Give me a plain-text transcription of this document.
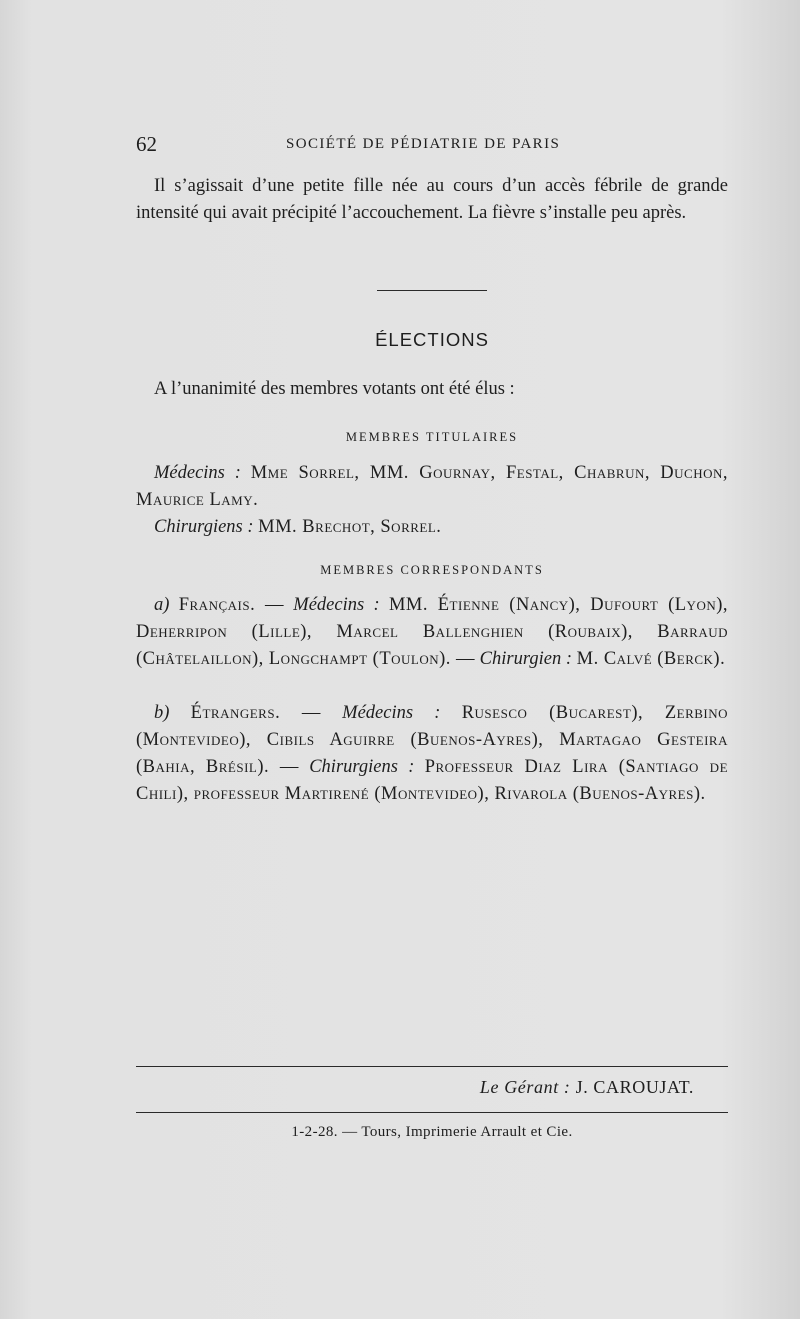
62	SOCIÉTÉ DE PÉDIATRIE DE PARIS

Il s’agissait d’une petite fille née au cours d’un accès fébrile de grande intensité qui avait précipité l’accouchement. La fièvre s’installe peu après.

ÉLECTIONS

A l’unanimité des membres votants ont été élus :

MEMBRES TITULAIRES

Médecins : Mme Sorrel, MM. Gournay, Festal, Chabrun, Duchon, Maurice Lamy.

Chirurgiens : MM. Brechot, Sorrel.

MEMBRES CORRESPONDANTS

a) Français. — Médecins : MM. Étienne (Nancy), Dufourt (Lyon), Deherripon (Lille), Marcel Ballenghien (Roubaix), Barraud (Châtelaillon), Longchampt (Toulon). — Chirurgien : M. Calvé (Berck).

b) Étrangers. — Médecins : Rusesco (Bucarest), Zerbino (Montevideo), Cibils Aguirre (Buenos-Ayres), Martagao Gesteira (Bahia, Brésil). — Chirurgiens : Professeur Diaz Lira (Santiago de Chili), professeur Martirené (Montevideo), Rivarola (Buenos-Ayres).

Le Gérant : J. CAROUJAT.
1-2-28. — Tours, Imprimerie Arrault et Cie.
